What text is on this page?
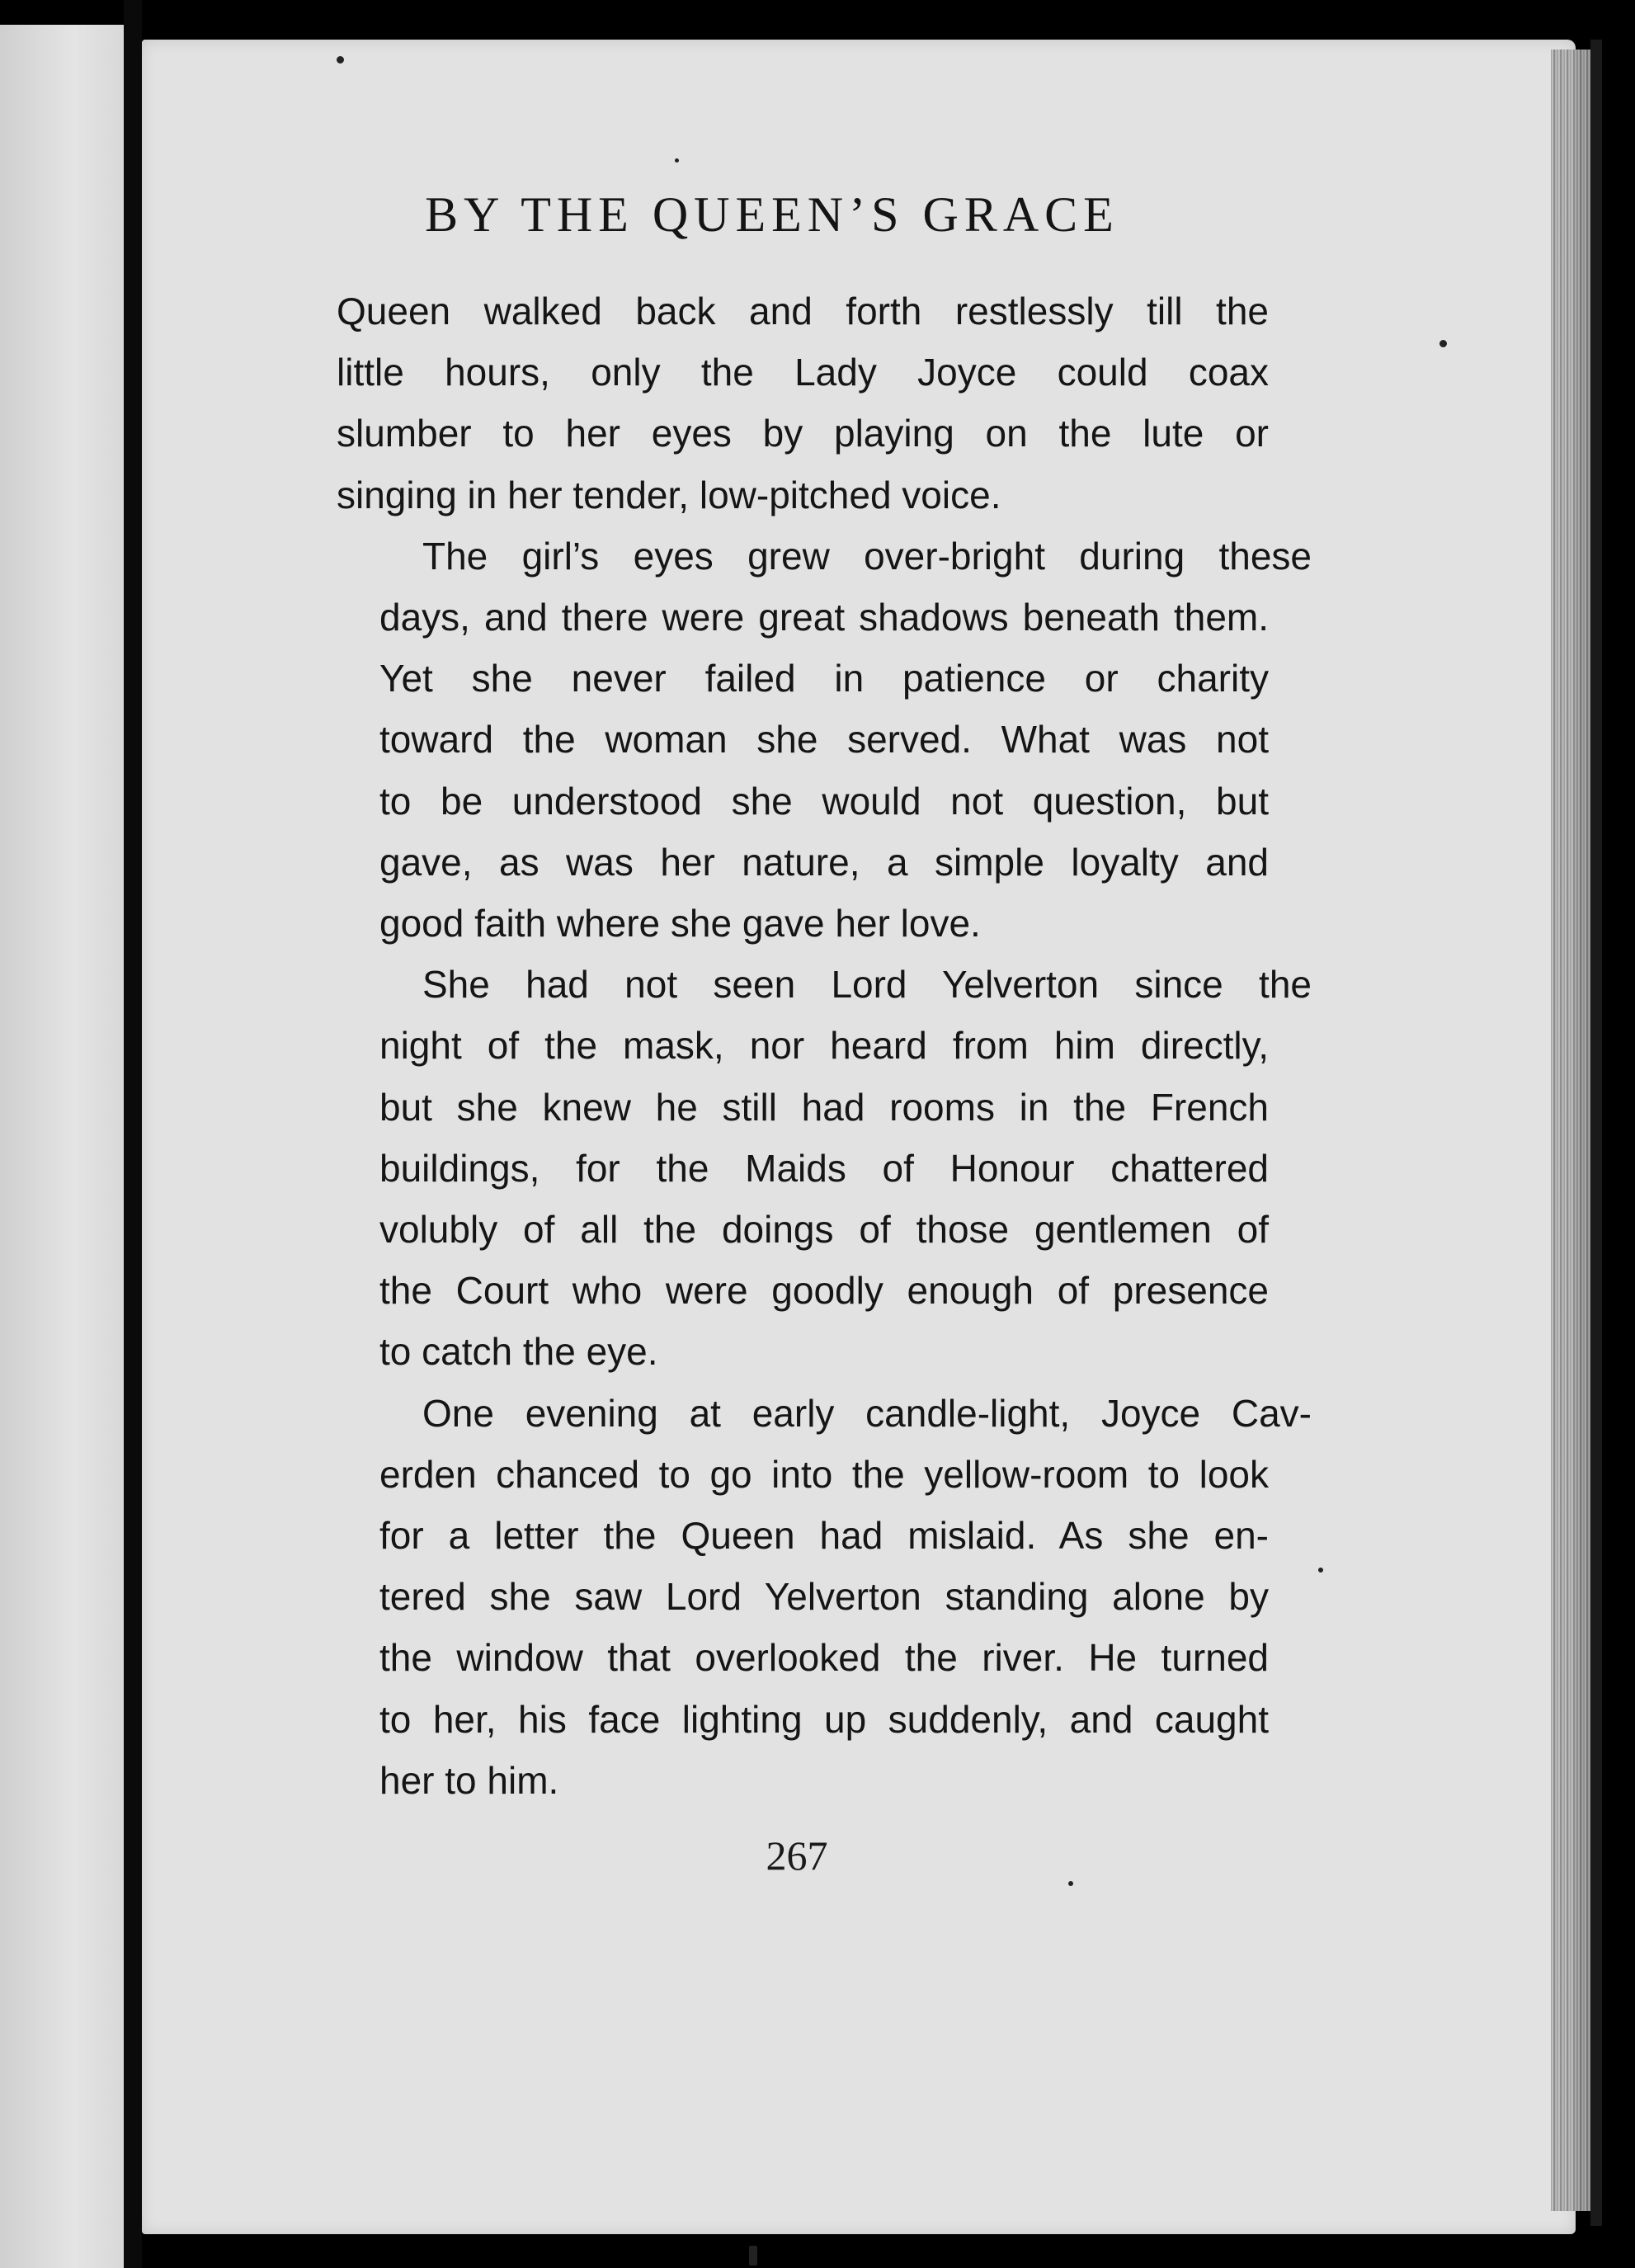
BY THE QUEEN’S GRACE

Queen walked back and forth restlessly till the little hours, only the Lady Joyce could coax slumber to her eyes by playing on the lute or singing in her tender, low-pitched voice.

The girl’s eyes grew over-bright during these days, and there were great shadows beneath them. Yet she never failed in patience or charity toward the woman she served. What was not to be understood she would not question, but gave, as was her nature, a simple loyalty and good faith where she gave her love.

She had not seen Lord Yelverton since the night of the mask, nor heard from him directly, but she knew he still had rooms in the French buildings, for the Maids of Honour chattered volubly of all the doings of those gentlemen of the Court who were goodly enough of presence to catch the eye.

One evening at early candle-light, Joyce Cav- erden chanced to go into the yellow-room to look for a letter the Queen had mislaid. As she en- tered she saw Lord Yelverton standing alone by the window that overlooked the river. He turned to her, his face lighting up suddenly, and caught her to him.

267
